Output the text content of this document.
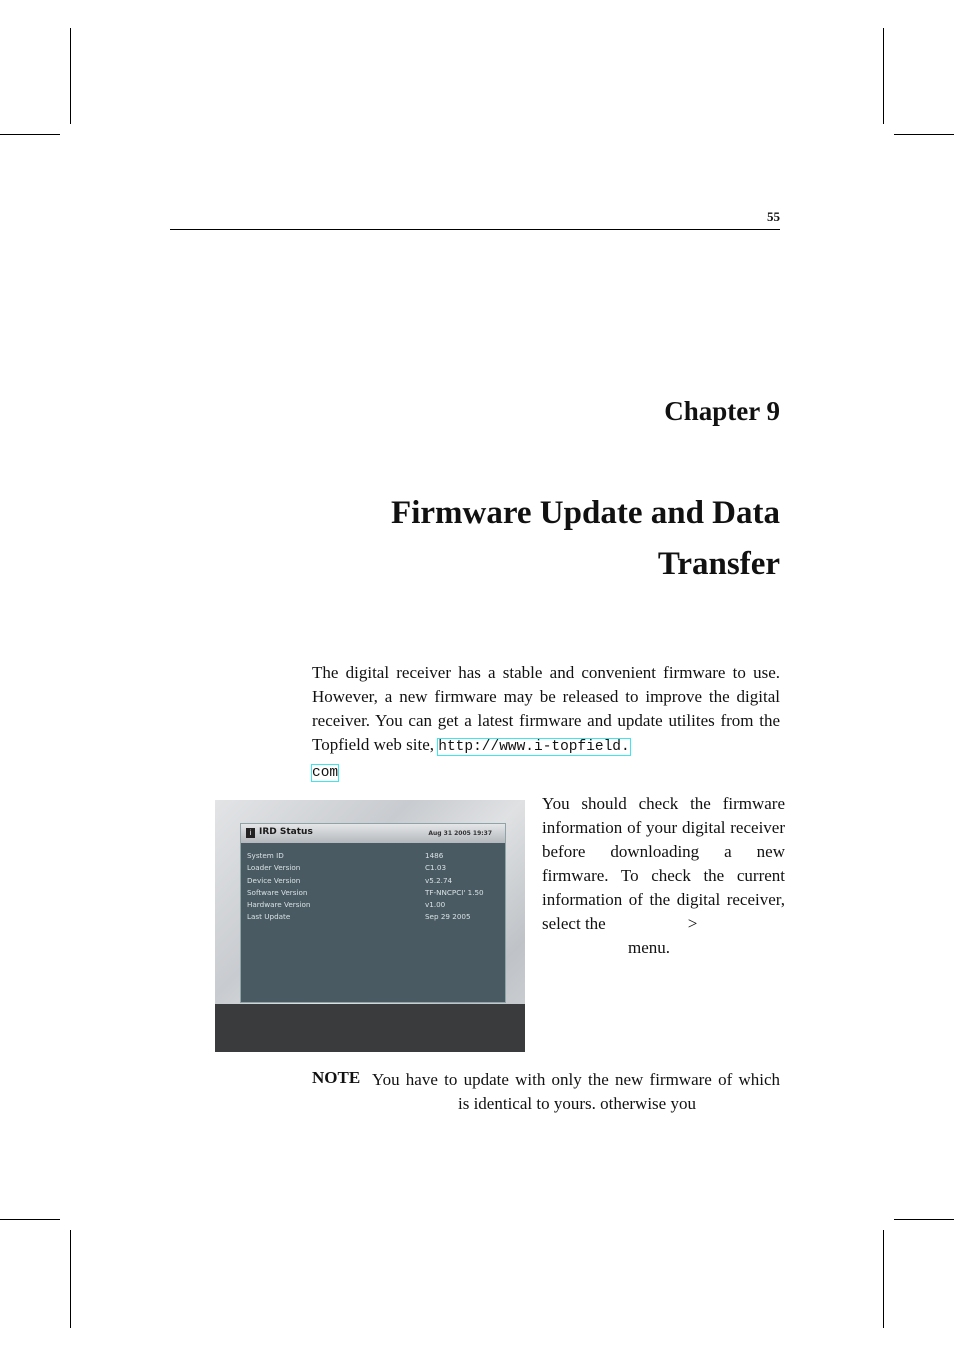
55
Chapter 9
Firmware Update and Data
Transfer

The digital receiver has a stable and convenient firmware to use. However, a new firmware may be released to improve the digital receiver. You can get a latest firmware and update utilites from the Topfield web site, http://www.i-topfield.
com

i IRD Status	Aug 31 2005 19:37
System ID	1486
Loader Version	C1.03
Device Version	v5.2.74
Software Version	TF-NNCPCI' 1.50
Hardware Version	v1.00
Last Update	Sep 29 2005

You should check the firmware information of your digital receiver before downloading a new firmware. To check the current information of the digital receiver, select the	>
menu.

NOTE You have to update with only the new firmware of whichis identical to yours. otherwise you
